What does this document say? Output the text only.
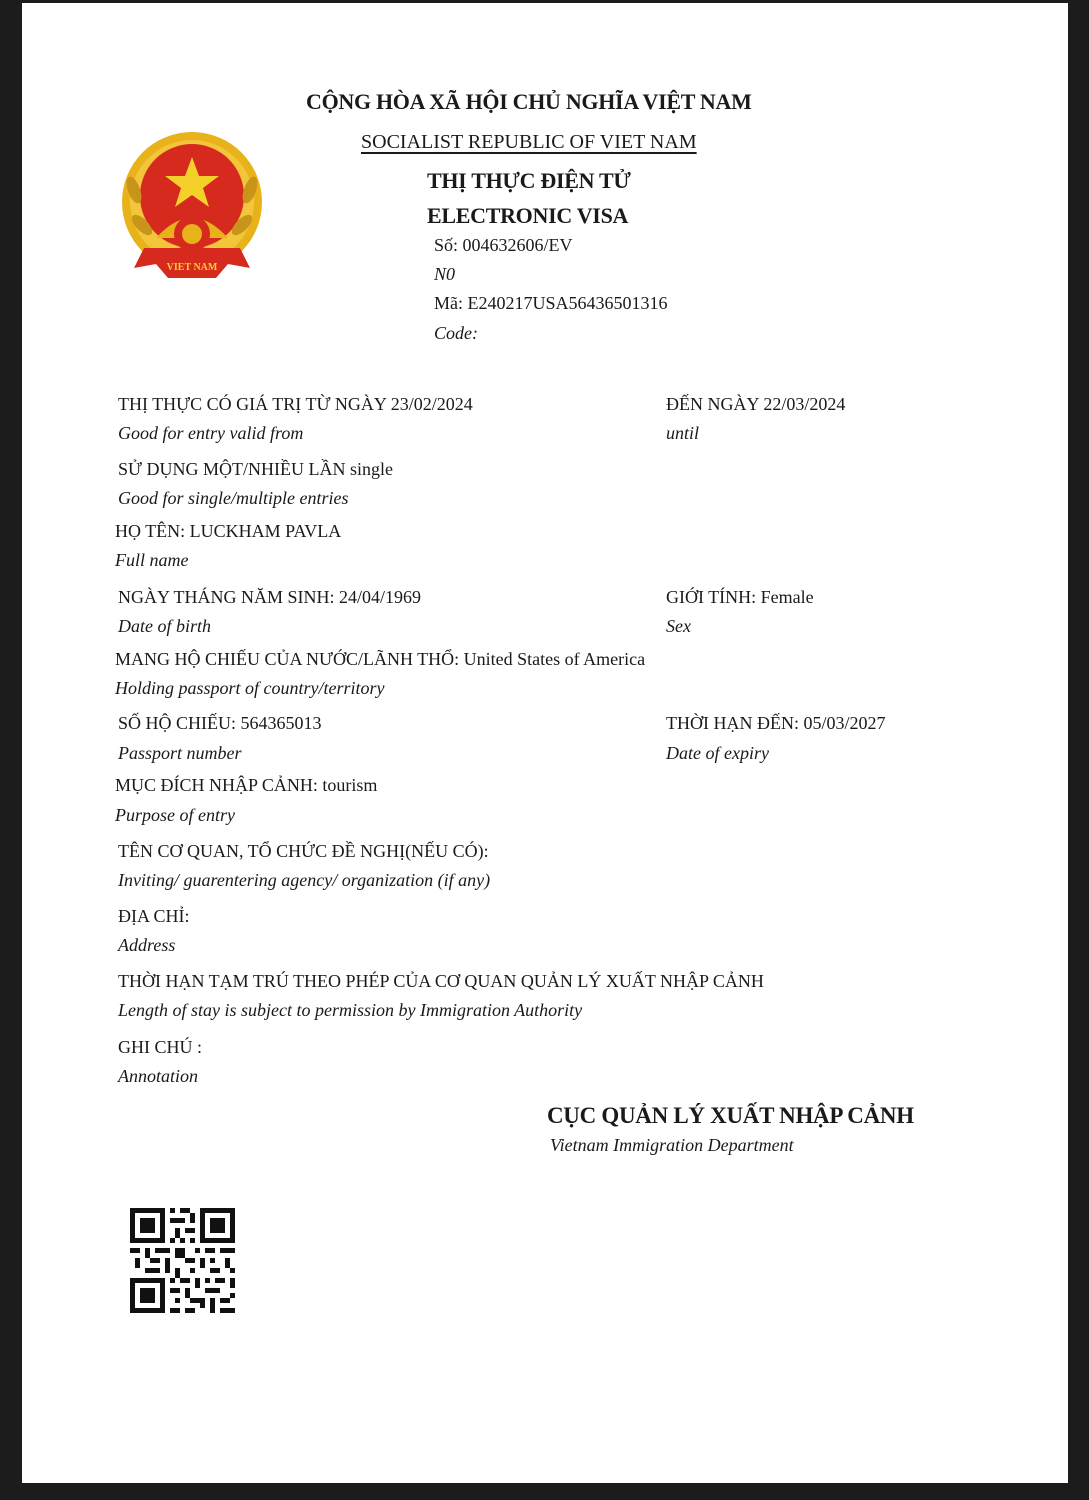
VIET NAM
CỘNG HÒA XÃ HỘI CHỦ NGHĨA VIỆT NAM
SOCIALIST REPUBLIC OF VIET NAM
THỊ THỰC ĐIỆN TỬ
ELECTRONIC VISA
Số: 004632606/EV
N0
Mã: E240217USA56436501316
Code:
THỊ THỰC CÓ GIÁ TRỊ TỪ NGÀY 23/02/2024
Good for entry valid from
ĐẾN NGÀY 22/03/2024
until
SỬ DỤNG MỘT/NHIỀU LẦN single
Good for single/multiple entries
HỌ TÊN: LUCKHAM PAVLA
Full name
NGÀY THÁNG NĂM SINH: 24/04/1969
Date of birth
GIỚI TÍNH: Female
Sex
MANG HỘ CHIẾU CỦA NƯỚC/LÃNH THỔ: United States of America
Holding passport of country/territory
SỐ HỘ CHIẾU: 564365013
Passport number
THỜI HẠN ĐẾN: 05/03/2027
Date of expiry
MỤC ĐÍCH NHẬP CẢNH: tourism
Purpose of entry
TÊN CƠ QUAN, TỔ CHỨC ĐỀ NGHỊ(NẾU CÓ):
Inviting/ guarentering agency/ organization (if any)
ĐỊA CHỈ:
Address
THỜI HẠN TẠM TRÚ THEO PHÉP CỦA CƠ QUAN QUẢN LÝ XUẤT NHẬP CẢNH
Length of stay is subject to permission by Immigration Authority
GHI CHÚ :
Annotation
CỤC QUẢN LÝ XUẤT NHẬP CẢNH
Vietnam Immigration Department
